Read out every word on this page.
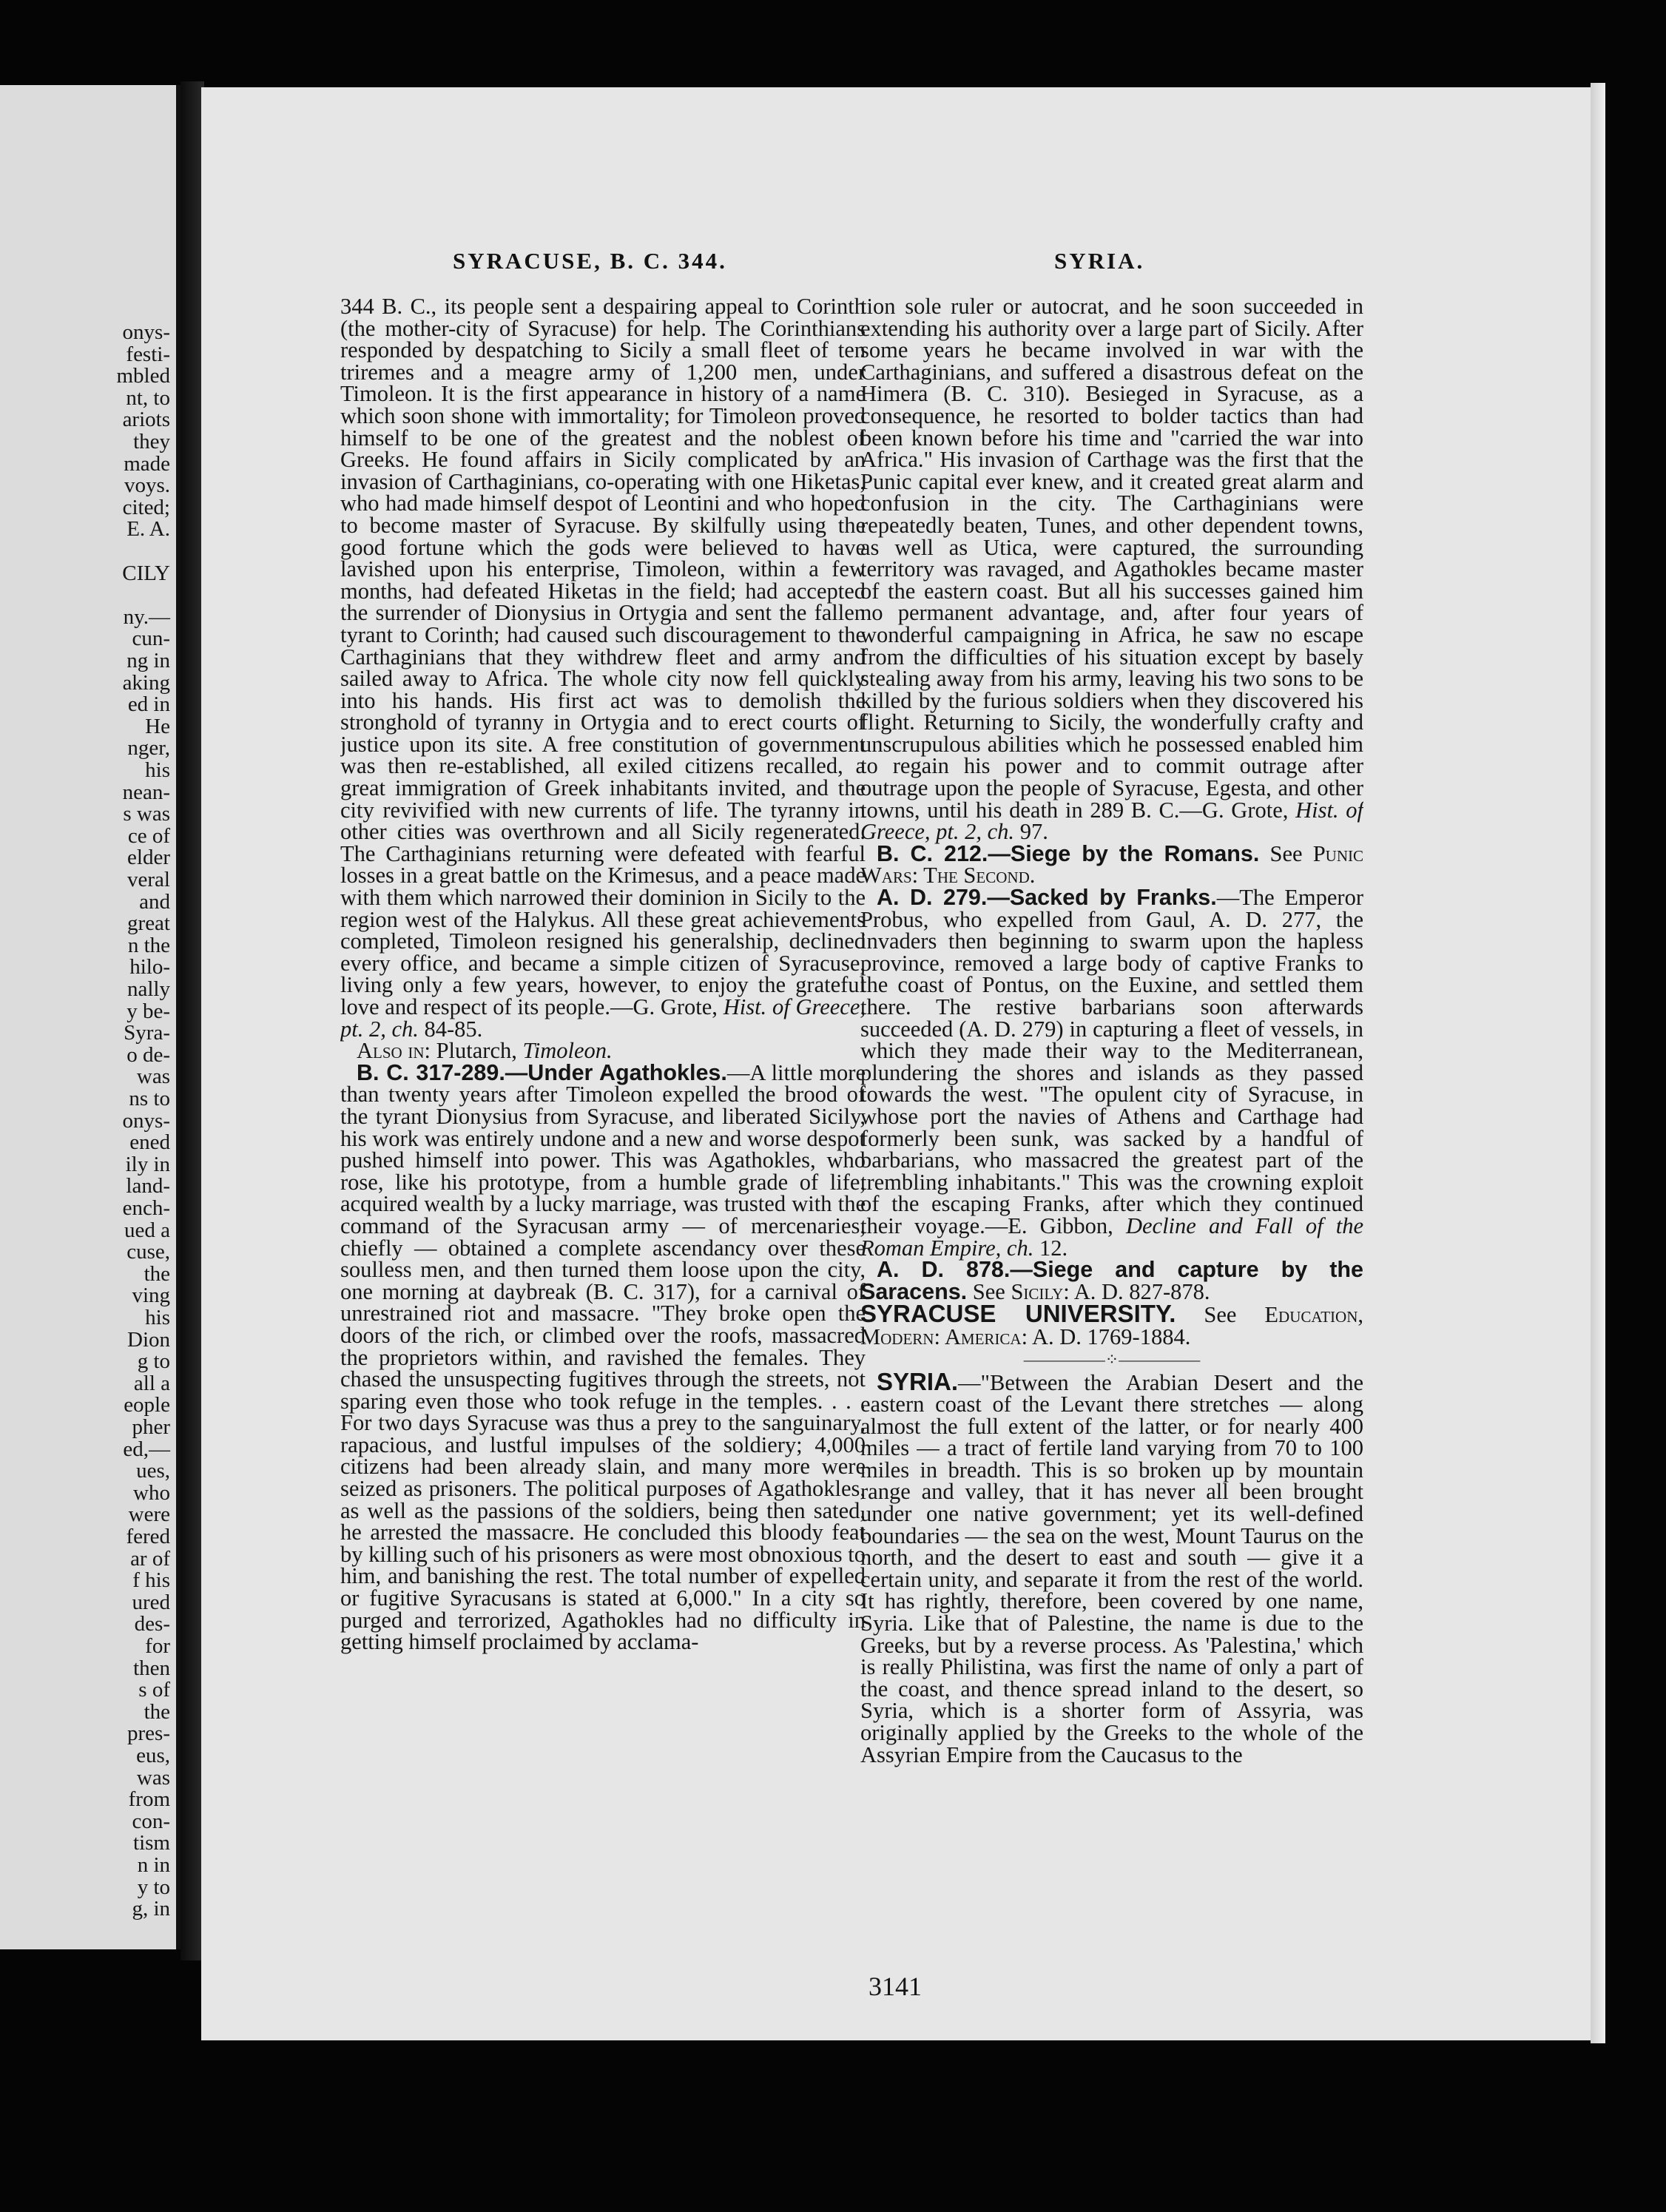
onys-
festi-
mbled
nt, to
ariots
they
made
voys.
cited;
E. A.
CILY
ny.—
cun-
ng in
aking
ed in
He
nger,
his
nean-
s was
ce of
elder
veral
and
great
n the
hilo-
nally
y be-
Syra-
o de-
was
ns to
onys-
ened
ily in
land-
ench-
ued a
cuse,
the
ving
his
Dion
g to
all a
eople
pher
ed,—
ues,
who
were
fered
ar of
f his
ured
des-
for
then
s of
the
pres-
eus,
was
from
con-
tism
n in
y to
g, in
SYRACUSE, B. C. 344.	SYRIA.

344 B. C., its people sent a despairing appeal to Corinth (the mother-city of Syracuse) for help. The Corinthians responded by despatching to Sicily a small fleet of ten triremes and a meagre army of 1,200 men, under Timoleon. It is the first appearance in history of a name which soon shone with immortality; for Timoleon proved himself to be one of the greatest and the noblest of Greeks. He found affairs in Sicily complicated by an invasion of Carthaginians, co-operating with one Hiketas, who had made himself despot of Leontini and who hoped to become master of Syracuse. By skilfully using the good fortune which the gods were believed to have lavished upon his enterprise, Timoleon, within a few months, had defeated Hiketas in the field; had accepted the surrender of Dionysius in Ortygia and sent the fallen tyrant to Corinth; had caused such discouragement to the Carthaginians that they withdrew fleet and army and sailed away to Africa. The whole city now fell quickly into his hands. His first act was to demolish the stronghold of tyranny in Ortygia and to erect courts of justice upon its site. A free constitution of government was then re-established, all exiled citizens recalled, a great immigration of Greek inhabitants invited, and the city revivified with new currents of life. The tyranny in other cities was overthrown and all Sicily regenerated. The Carthaginians returning were defeated with fearful losses in a great battle on the Krimesus, and a peace made with them which narrowed their dominion in Sicily to the region west of the Halykus. All these great achievements completed, Timoleon resigned his generalship, declined every office, and became a simple citizen of Syracuse, living only a few years, however, to enjoy the grateful love and respect of its people.—G. Grote, Hist. of Greece, pt. 2, ch. 84-85.

Also in: Plutarch, Timoleon.

B. C. 317-289.—Under Agathokles.—A little more than twenty years after Timoleon expelled the brood of the tyrant Dionysius from Syracuse, and liberated Sicily, his work was entirely undone and a new and worse despot pushed himself into power. This was Agathokles, who rose, like his prototype, from a humble grade of life, acquired wealth by a lucky marriage, was trusted with the command of the Syracusan army — of mercenaries, chiefly — obtained a complete ascendancy over these soulless men, and then turned them loose upon the city, one morning at daybreak (B. C. 317), for a carnival of unrestrained riot and massacre. "They broke open the doors of the rich, or climbed over the roofs, massacred the proprietors within, and ravished the females. They chased the unsuspecting fugitives through the streets, not sparing even those who took refuge in the temples. . . . For two days Syracuse was thus a prey to the sanguinary, rapacious, and lustful impulses of the soldiery; 4,000 citizens had been already slain, and many more were seized as prisoners. The political purposes of Agathokles, as well as the passions of the soldiers, being then sated, he arrested the massacre. He concluded this bloody feat by killing such of his prisoners as were most obnoxious to him, and banishing the rest. The total number of expelled or fugitive Syracusans is stated at 6,000." In a city so purged and terrorized, Agathokles had no difficulty in getting himself proclaimed by acclama-

tion sole ruler or autocrat, and he soon succeeded in extending his authority over a large part of Sicily. After some years he became involved in war with the Carthaginians, and suffered a disastrous defeat on the Himera (B. C. 310). Besieged in Syracuse, as a consequence, he resorted to bolder tactics than had been known before his time and "carried the war into Africa." His invasion of Carthage was the first that the Punic capital ever knew, and it created great alarm and confusion in the city. The Carthaginians were repeatedly beaten, Tunes, and other dependent towns, as well as Utica, were captured, the surrounding territory was ravaged, and Agathokles became master of the eastern coast. But all his successes gained him no permanent advantage, and, after four years of wonderful campaigning in Africa, he saw no escape from the difficulties of his situation except by basely stealing away from his army, leaving his two sons to be killed by the furious soldiers when they discovered his flight. Returning to Sicily, the wonderfully crafty and unscrupulous abilities which he possessed enabled him to regain his power and to commit outrage after outrage upon the people of Syracuse, Egesta, and other towns, until his death in 289 B. C.—G. Grote, Hist. of Greece, pt. 2, ch. 97.

B. C. 212.—Siege by the Romans. See Punic Wars: The Second.

A. D. 279.—Sacked by Franks.—The Emperor Probus, who expelled from Gaul, A. D. 277, the invaders then beginning to swarm upon the hapless province, removed a large body of captive Franks to the coast of Pontus, on the Euxine, and settled them there. The restive barbarians soon afterwards succeeded (A. D. 279) in capturing a fleet of vessels, in which they made their way to the Mediterranean, plundering the shores and islands as they passed towards the west. "The opulent city of Syracuse, in whose port the navies of Athens and Carthage had formerly been sunk, was sacked by a handful of barbarians, who massacred the greatest part of the trembling inhabitants." This was the crowning exploit of the escaping Franks, after which they continued their voyage.—E. Gibbon, Decline and Fall of the Roman Empire, ch. 12.

A. D. 878.—Siege and capture by the Saracens. See Sicily: A. D. 827-878.

SYRACUSE UNIVERSITY. See Education, Modern: America: A. D. 1769-1884.

—————⁘—————

SYRIA.—"Between the Arabian Desert and the eastern coast of the Levant there stretches — along almost the full extent of the latter, or for nearly 400 miles — a tract of fertile land varying from 70 to 100 miles in breadth. This is so broken up by mountain range and valley, that it has never all been brought under one native government; yet its well-defined boundaries — the sea on the west, Mount Taurus on the north, and the desert to east and south — give it a certain unity, and separate it from the rest of the world. It has rightly, therefore, been covered by one name, Syria. Like that of Palestine, the name is due to the Greeks, but by a reverse process. As 'Palestina,' which is really Philistina, was first the name of only a part of the coast, and thence spread inland to the desert, so Syria, which is a shorter form of Assyria, was originally applied by the Greeks to the whole of the Assyrian Empire from the Caucasus to the

3141
